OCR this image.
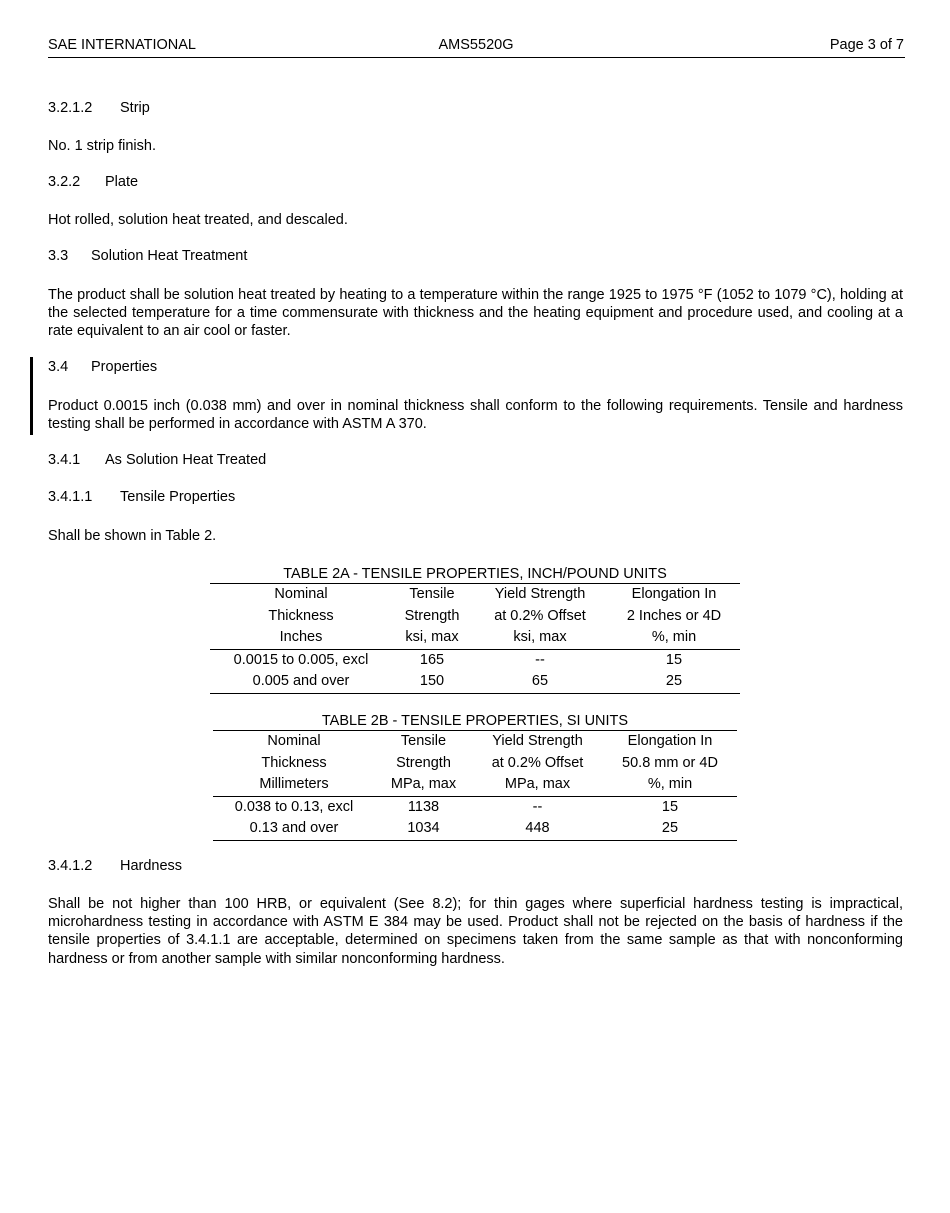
SAE INTERNATIONAL	AMS5520G	Page 3 of 7
3.2.1.2 Strip
No. 1 strip finish.
3.2.2 Plate
Hot rolled, solution heat treated, and descaled.
3.3 Solution Heat Treatment
The product shall be solution heat treated by heating to a temperature within the range 1925 to 1975 °F (1052 to 1079 °C), holding at the selected temperature for a time commensurate with thickness and the heating equipment and procedure used, and cooling at a rate equivalent to an air cool or faster.
3.4 Properties
Product 0.0015 inch (0.038 mm) and over in nominal thickness shall conform to the following requirements. Tensile and hardness testing shall be performed in accordance with ASTM A 370.
3.4.1 As Solution Heat Treated
3.4.1.1 Tensile Properties
Shall be shown in Table 2.
TABLE 2A - TENSILE PROPERTIES, INCH/POUND UNITS
Nominal	Tensile	Yield Strength	Elongation In
Thickness	Strength	at 0.2% Offset	2 Inches or 4D
Inches	ksi, max	ksi, max	%, min
0.0015 to 0.005, excl	165	--	15
0.005 and over	150	65	25
TABLE 2B - TENSILE PROPERTIES, SI UNITS
Nominal	Tensile	Yield Strength	Elongation In
Thickness	Strength	at 0.2% Offset	50.8 mm or 4D
Millimeters	MPa, max	MPa, max	%, min
0.038 to 0.13, excl	1138	--	15
0.13 and over	1034	448	25
3.4.1.2 Hardness
Shall be not higher than 100 HRB, or equivalent (See 8.2); for thin gages where superficial hardness testing is impractical, microhardness testing in accordance with ASTM E 384 may be used. Product shall not be rejected on the basis of hardness if the tensile properties of 3.4.1.1 are acceptable, determined on specimens taken from the same sample as that with nonconforming hardness or from another sample with similar nonconforming hardness.
